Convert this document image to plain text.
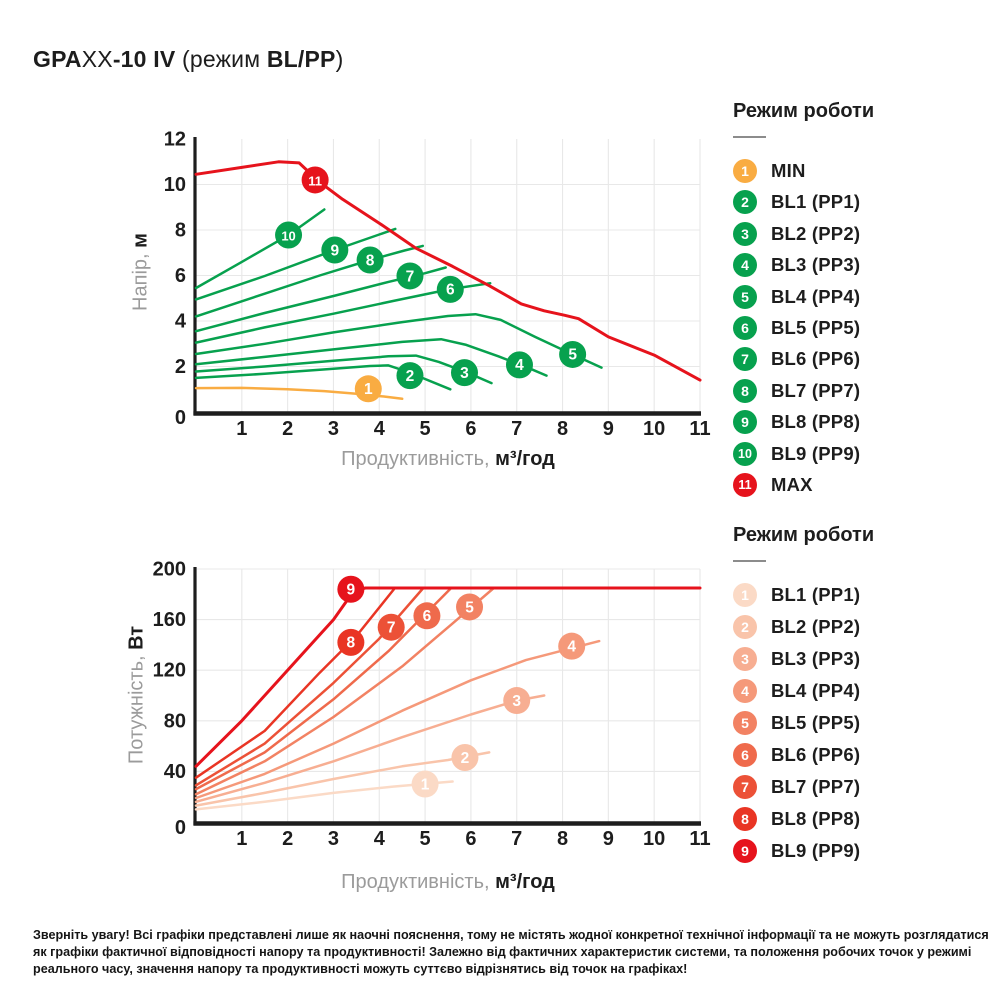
GPAXX-10 IV (режим BL/PP)
1
2	3	4
5
6
7
8
9
10
11
1 2 3 4 5 6 7 8 9 10 11
0
2
4
6
8
10
12
1
2
3
4
5
6
7
8
9
1 2 3 4 5 6 7 8 9 10 11
0
40
80
120
160
200
Напір, м
Продуктивність, м³/год
Потужність, Вт
Продуктивність, м³/год
Режим роботи
1	MIN
2	BL1 (PP1)
3	BL2 (PP2)
4	BL3 (PP3)
5	BL4 (PP4)
6	BL5 (PP5)
7	BL6 (PP6)
8	BL7 (PP7)
9	BL8 (PP8)
10 BL9 (PP9)
11 MAX
Режим роботи
1	BL1 (PP1)
2	BL2 (PP2)
3	BL3 (PP3)
4	BL4 (PP4)
5	BL5 (PP5)
6	BL6 (PP6)
7	BL7 (PP7)
8	BL8 (PP8)
9	BL9 (PP9)
Зверніть увагу! Всі графіки представлені лише як наочні пояснення, тому не містять жодної конкретної технічної інформації та не можуть розглядатися
як графіки фактичної відповідності напору та продуктивності! Залежно від фактичних характеристик системи, та положення робочих точок у режимі
реального часу, значення напору та продуктивності можуть суттєво відрізнятись від точок на графіках!
